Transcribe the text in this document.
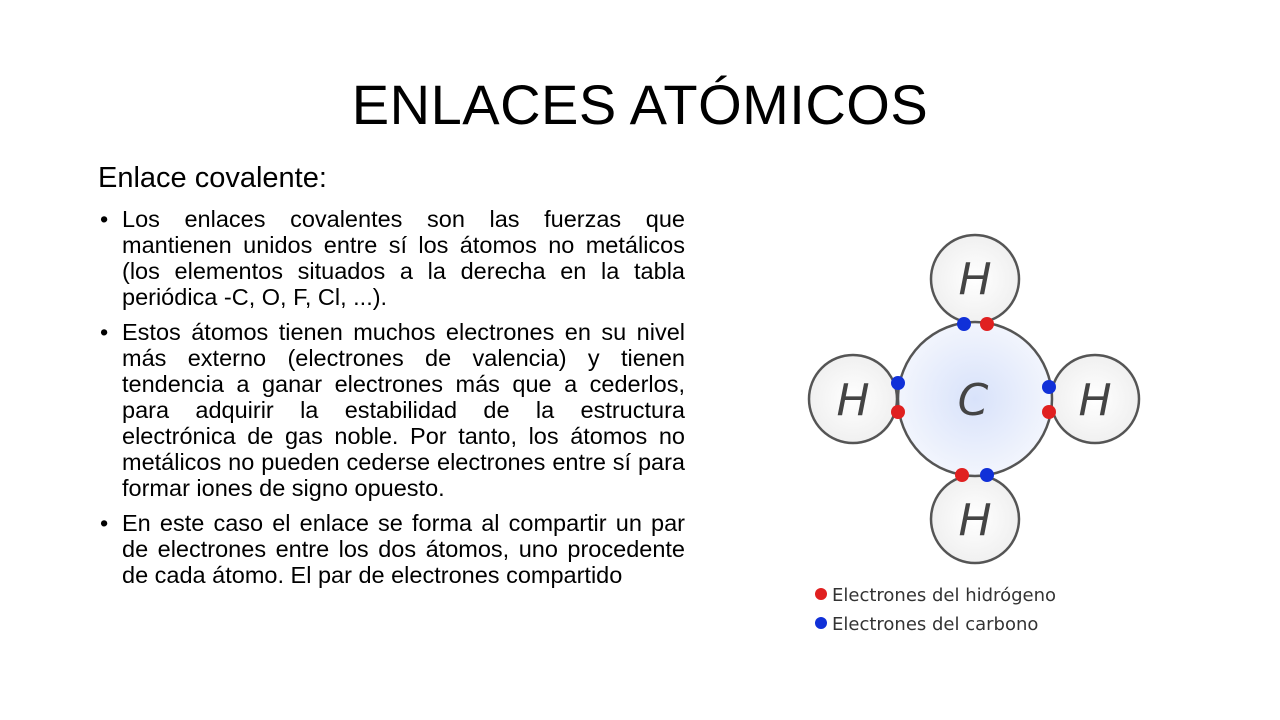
ENLACES ATÓMICOS
Enlace covalente:
• Los enlaces covalentes son las fuerzas que mantienen unidos entre sí los átomos no metálicos (los elementos situados a la derecha en la tabla periódica -C, O, F, Cl, ...).
• Estos átomos tienen muchos electrones en su nivel más externo (electrones de valencia) y tienen tendencia a ganar electrones más que a cederlos, para adquirir la estabilidad de la estructura electrónica de gas noble. Por tanto, los átomos no metálicos no pueden cederse electrones entre sí para formar iones de signo opuesto.
• En este caso el enlace se forma al compartir un par de electrones entre los dos átomos, uno procedente de cada átomo. El par de electrones compartido
H
H	H
H
C
Electrones del hidrógeno
Electrones del carbono
